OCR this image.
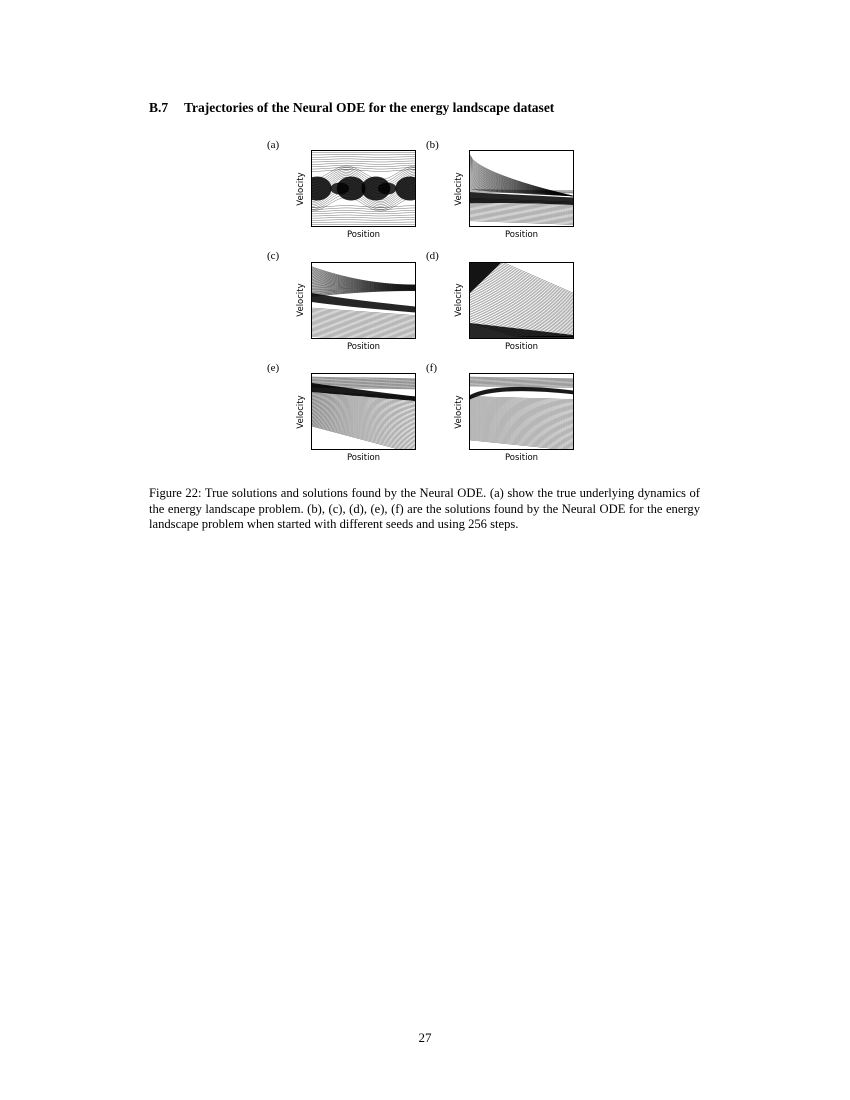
B.7 Trajectories of the Neural ODE for the energy landscape dataset
(a)
Velocity
Position
(b)
Velocity
Position
(c)
Velocity
Position
(d)
Velocity
Position
(e)
Velocity
Position
(f)
Velocity
Position
Figure 22: True solutions and solutions found by the Neural ODE. (a) show the true underlying dynamics of the energy landscape problem. (b), (c), (d), (e), (f) are the solutions found by the Neural ODE for the energy landscape problem when started with different seeds and using 256 steps.
27
